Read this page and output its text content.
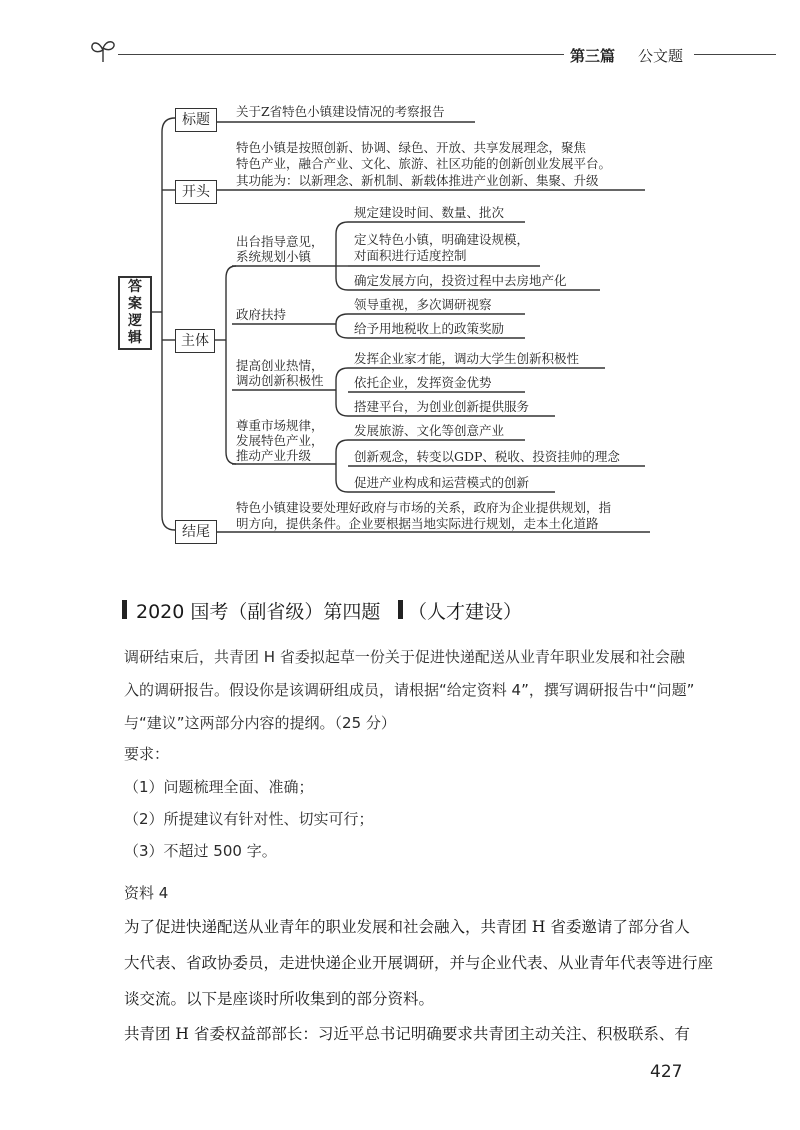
第三篇 公文题
答案逻辑
标题
开头
主体
结尾
关于Z省特色小镇建设情况的考察报告
特色小镇是按照创新、协调、绿色、开放、共享发展理念，聚焦
特色产业，融合产业、文化、旅游、社区功能的创新创业发展平台。
其功能为：以新理念、新机制、新载体推进产业创新、集聚、升级
特色小镇建设要处理好政府与市场的关系，政府为企业提供规划，指
明方向，提供条件。企业要根据当地实际进行规划，走本土化道路
出台指导意见，
系统规划小镇
政府扶持
提高创业热情，
调动创新积极性
尊重市场规律，
发展特色产业，
推动产业升级
规定建设时间、数量、批次
定义特色小镇，明确建设规模，
对面积进行适度控制
确定发展方向，投资过程中去房地产化
领导重视，多次调研视察
给予用地税收上的政策奖励
发挥企业家才能，调动大学生创新积极性
依托企业，发挥资金优势
搭建平台，为创业创新提供服务
发展旅游、文化等创意产业
创新观念，转变以GDP、税收、投资挂帅的理念
促进产业构成和运营模式的创新
2020 国考（副省级）第四题 （人才建设）
调研结束后，共青团 H 省委拟起草一份关于促进快递配送从业青年职业发展和社会融
入的调研报告。假设你是该调研组成员，请根据“给定资料 4”，撰写调研报告中“问题”
与“建议”这两部分内容的提纲。（25 分）
要求：
（1）问题梳理全面、准确；
（2）所提建议有针对性、切实可行；
（3）不超过 500 字。
资料 4
为了促进快递配送从业青年的职业发展和社会融入，共青团 H 省委邀请了部分省人
大代表、省政协委员，走进快递企业开展调研，并与企业代表、从业青年代表等进行座
谈交流。以下是座谈时所收集到的部分资料。
共青团 H 省委权益部部长：习近平总书记明确要求共青团主动关注、积极联系、有
427
